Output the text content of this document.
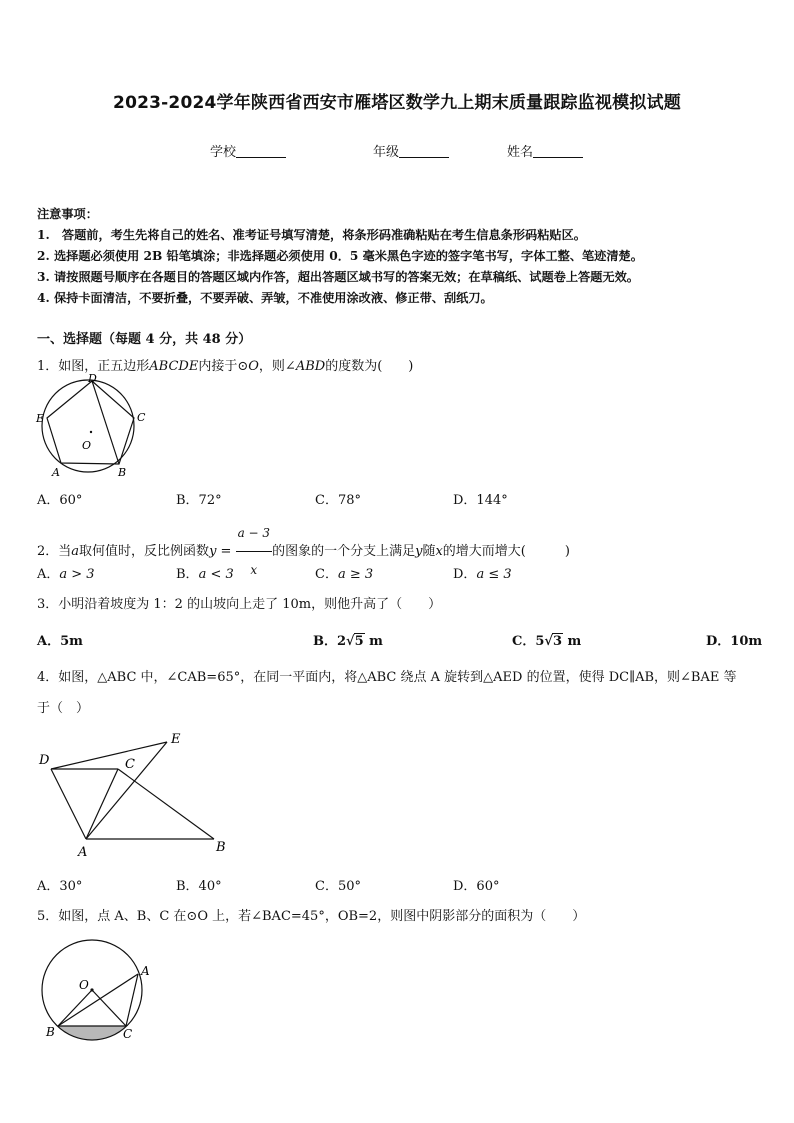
2023-2024学年陕西省西安市雁塔区数学九上期末质量跟踪监视模拟试题
学校	年级	姓名
注意事项：
1.　答题前，考生先将自己的姓名、准考证号填写清楚，将条形码准确粘贴在考生信息条形码粘贴区。
2. 选择题必须使用 2B 铅笔填涂；非选择题必须使用 0．5 毫米黑色字迹的签字笔书写，字体工整、笔迹清楚。
3. 请按照题号顺序在各题目的答题区域内作答，超出答题区域书写的答案无效；在草稿纸、试题卷上答题无效。
4. 保持卡面清洁，不要折叠，不要弄破、弄皱，不准使用涂改液、修正带、刮纸刀。
一、选择题（每题 4 分，共 48 分）
1．如图，正五边形ABCDE内接于⊙O，则∠ABD的度数为(　　)
D
C
E
A	B
O
A．60°	B．72°	C．78°	D．144°
2．当a取何值时，反比例函数$y = \frac{a - 3}{x}$ 的图象的一个分支上满足y随x的增大而增大(　　　)
A．a > 3	B．a < 3	C．a ≥ 3	D．a ≤ 3
3．小明沿着坡度为 1：2 的山坡向上走了 10m，则他升高了（　　）
A．5m	B．2√5 m	C．5√3 m	D．10m
4．如图，△ABC 中，∠CAB=65°，在同一平面内，将△ABC 绕点 A 旋转到△AED 的位置，使得 DC∥AB，则∠BAE 等
于（　）
D
E
C
A	B
A．30°	B．40°	C．50°	D．60°
5．如图，点 A、B、C 在⊙O 上，若∠BAC=45°，OB=2，则图中阴影部分的面积为（　　）
O
A
B	C
